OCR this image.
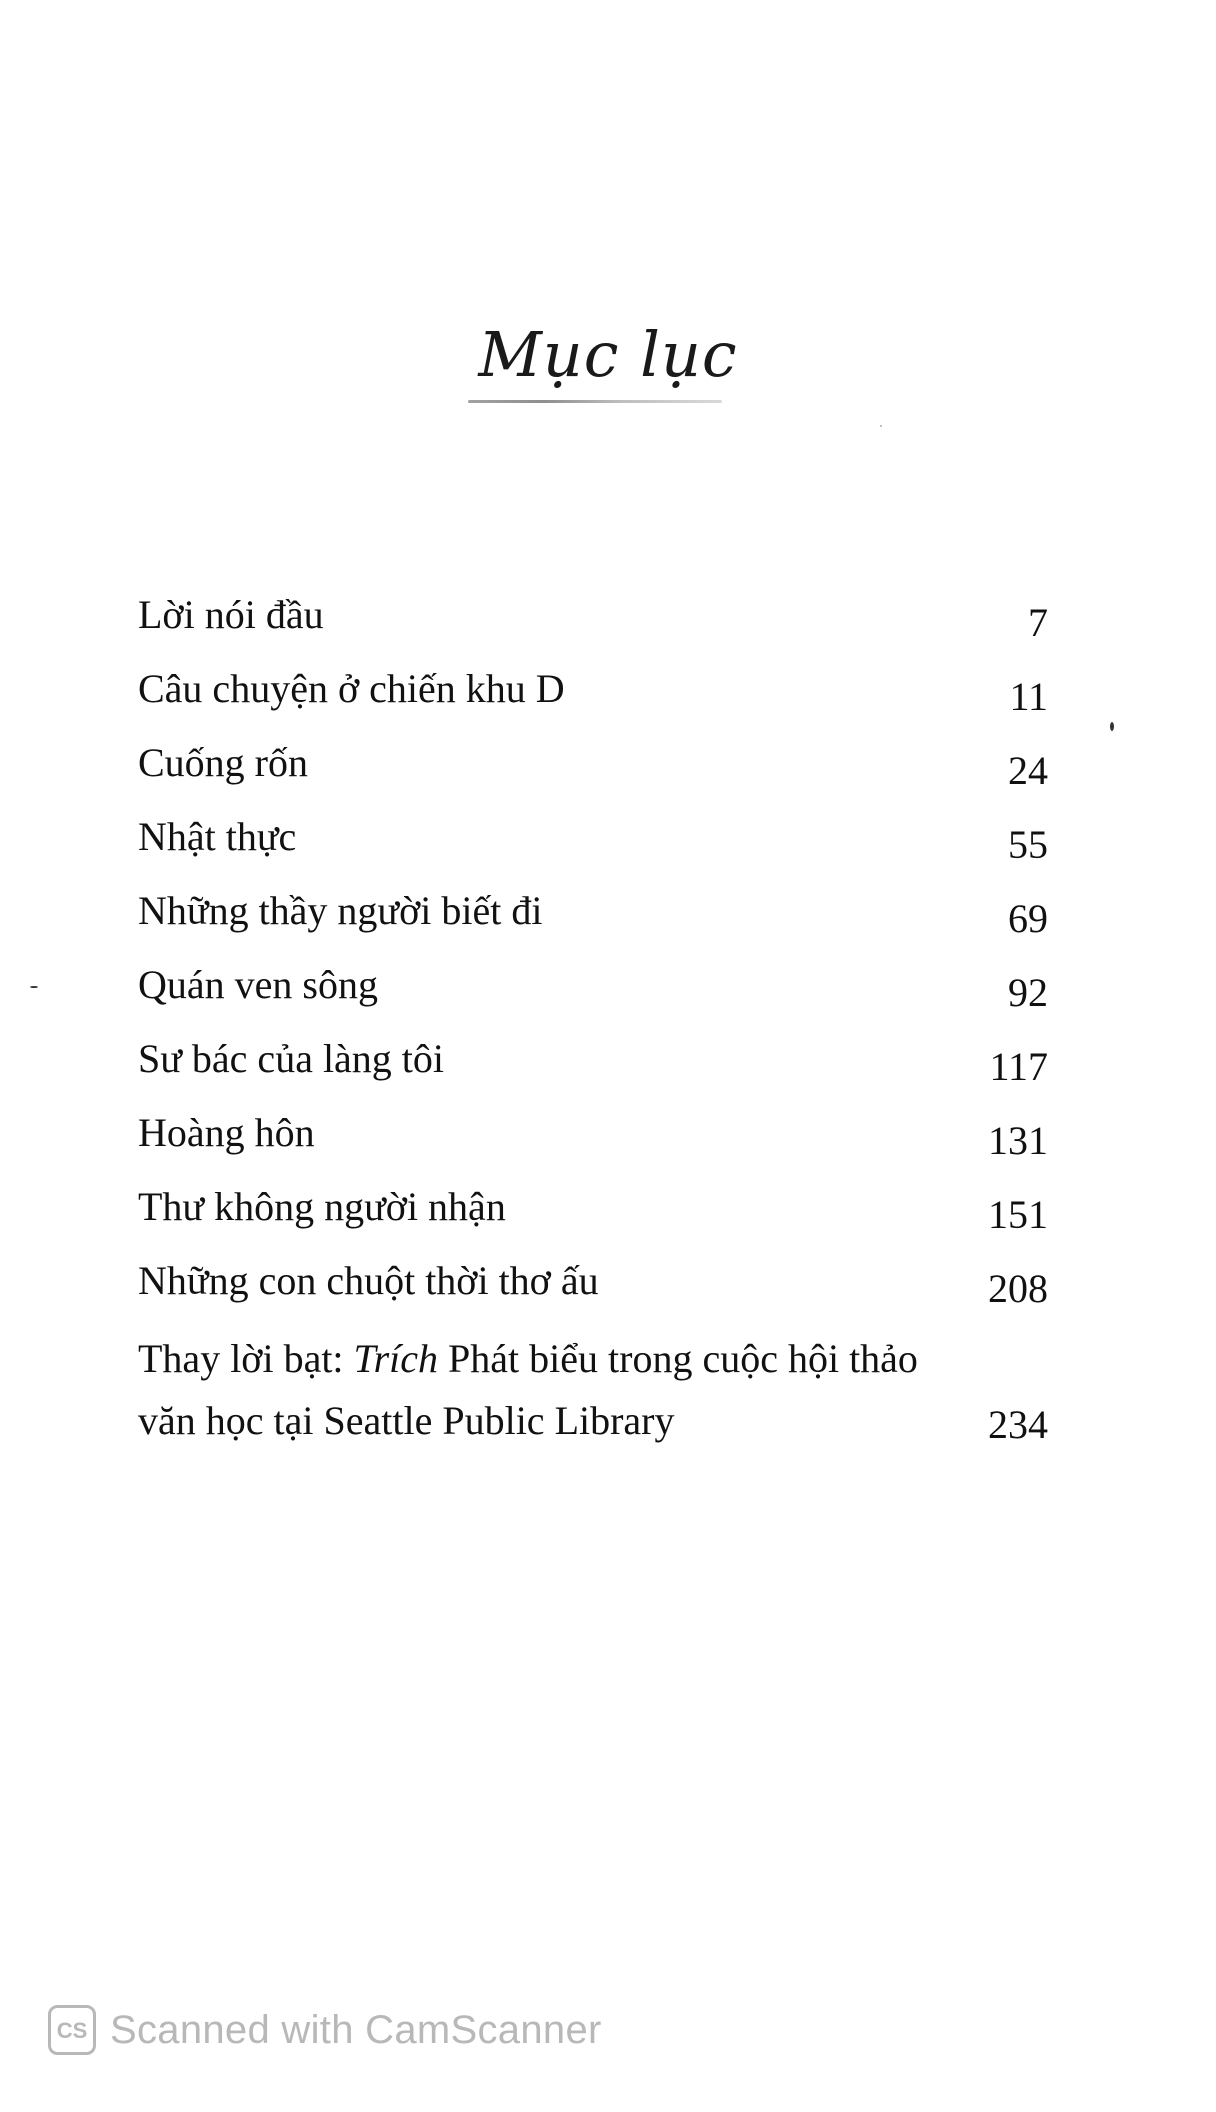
Mục lục
Lời nói đầu	7
Câu chuyện ở chiến khu D	11
Cuống rốn	24
Nhật thực	55
Những thầy người biết đi	69
Quán ven sông	92
Sư bác của làng tôi	117
Hoàng hôn	131
Thư không người nhận	151
Những con chuột thời thơ ấu	208
Thay lời bạt: Trích Phát biểu trong cuộc hội thảo văn học tại Seattle Public Library	234
CS Scanned with CamScanner
